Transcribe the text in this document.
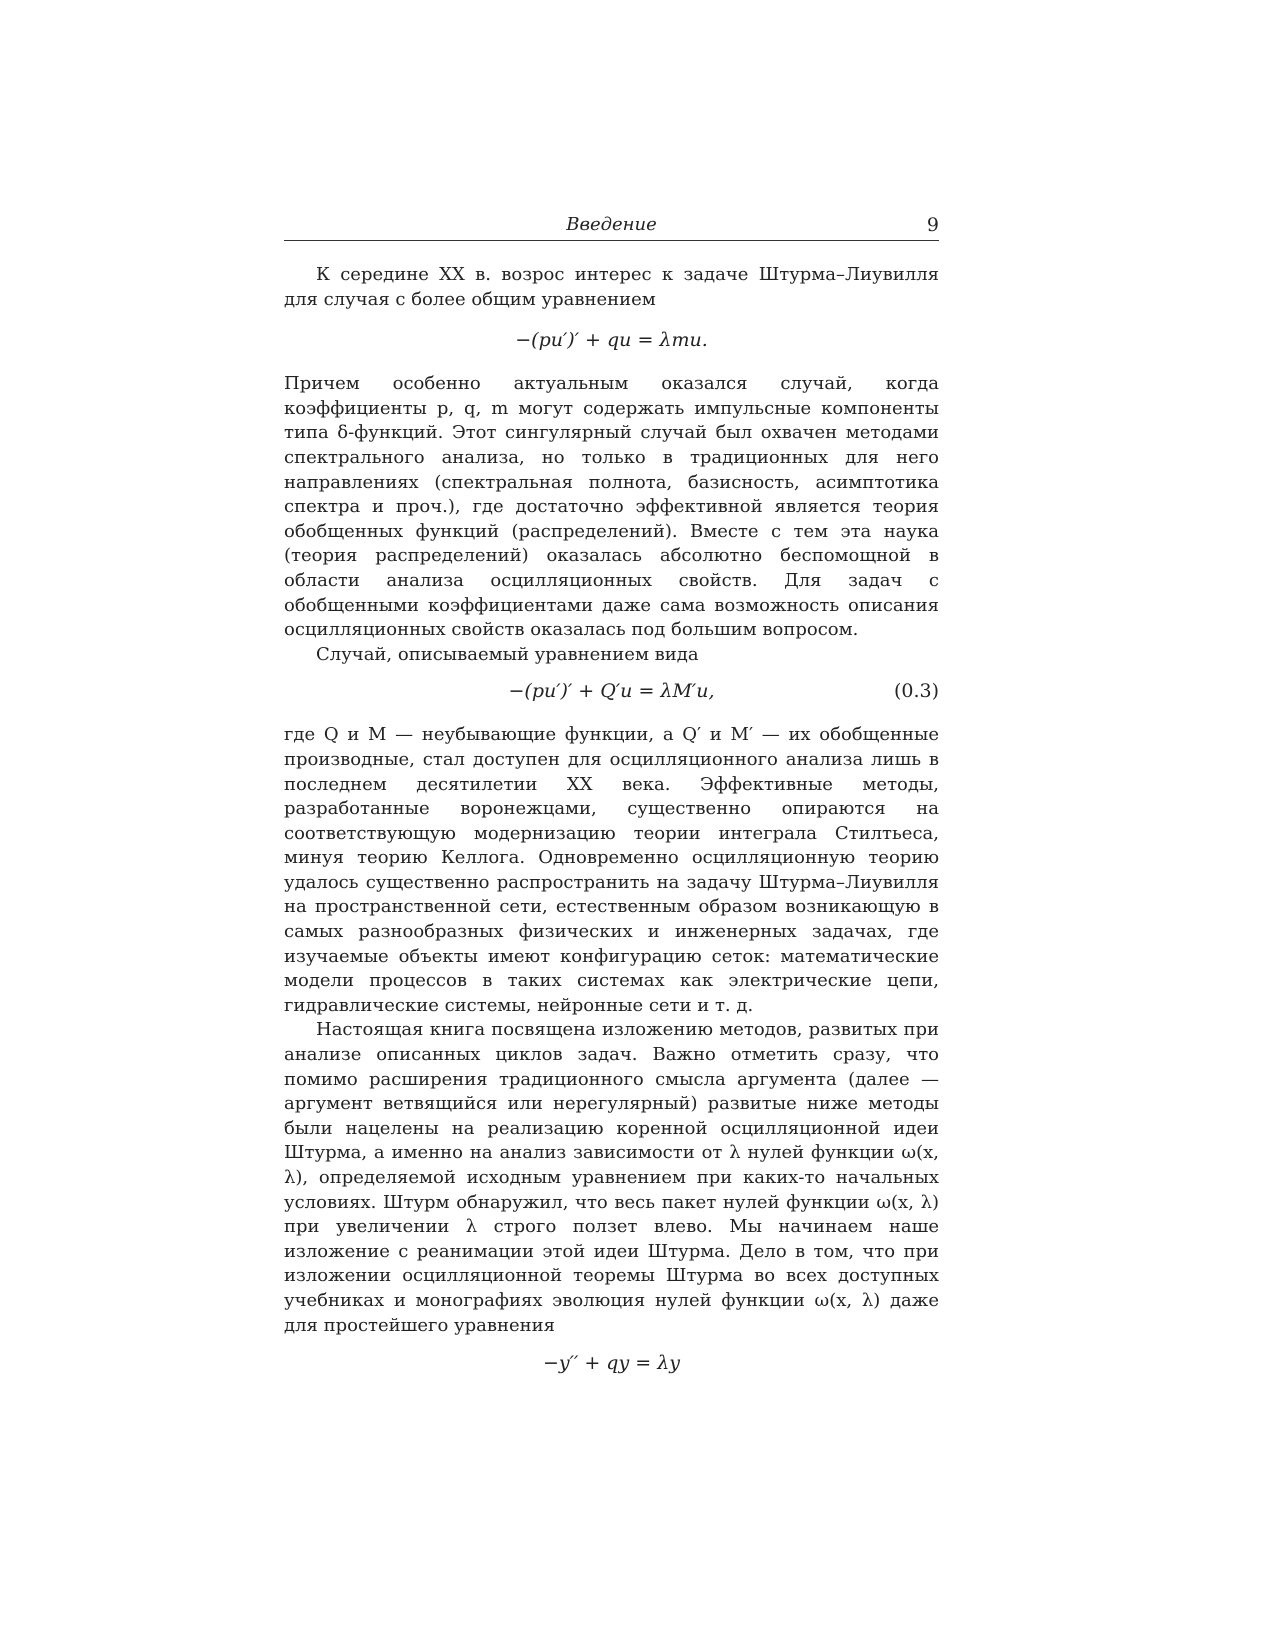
Введение	9

К середине XX в. возрос интерес к задаче Штурма–Лиувилля для случая с более общим уравнением

−(pu′)′ + qu = λmu.

Причем особенно актуальным оказался случай, когда коэффициенты p, q, m могут содержать импульсные компоненты типа δ-функций. Этот сингулярный случай был охвачен методами спектрального анализа, но только в традиционных для него направлениях (спектральная полнота, базисность, асимптотика спектра и проч.), где достаточно эффективной является теория обобщенных функций (распределений). Вместе с тем эта наука (теория распределений) оказалась абсолютно беспомощной в области анализа осцилляционных свойств. Для задач с обобщенными коэффициентами даже сама возможность описания осцилляционных свойств оказалась под большим вопросом.

Случай, описываемый уравнением вида

−(pu′)′ + Q′u = λM′u,	(0.3)

где Q и M — неубывающие функции, а Q′ и M′ — их обобщенные производные, стал доступен для осцилляционного анализа лишь в последнем десятилетии XX века. Эффективные методы, разработанные воронежцами, существенно опираются на соответствующую модернизацию теории интеграла Стилтьеса, минуя теорию Келлога. Одновременно осцилляционную теорию удалось существенно распространить на задачу Штурма–Лиувилля на пространственной сети, естественным образом возникающую в самых разнообразных физических и инженерных задачах, где изучаемые объекты имеют конфигурацию сеток: математические модели процессов в таких системах как электрические цепи, гидравлические системы, нейронные сети и т. д.

Настоящая книга посвящена изложению методов, развитых при анализе описанных циклов задач. Важно отметить сразу, что помимо расширения традиционного смысла аргумента (далее — аргумент ветвящийся или нерегулярный) развитые ниже методы были нацелены на реализацию коренной осцилляционной идеи Штурма, а именно на анализ зависимости от λ нулей функции ω(x, λ), определяемой исходным уравнением при каких-то начальных условиях. Штурм обнаружил, что весь пакет нулей функции ω(x, λ) при увеличении λ строго ползет влево. Мы начинаем наше изложение с реанимации этой идеи Штурма. Дело в том, что при изложении осцилляционной теоремы Штурма во всех доступных учебниках и монографиях эволюция нулей функции ω(x, λ) даже для простейшего уравнения

−y′′ + qy = λy
